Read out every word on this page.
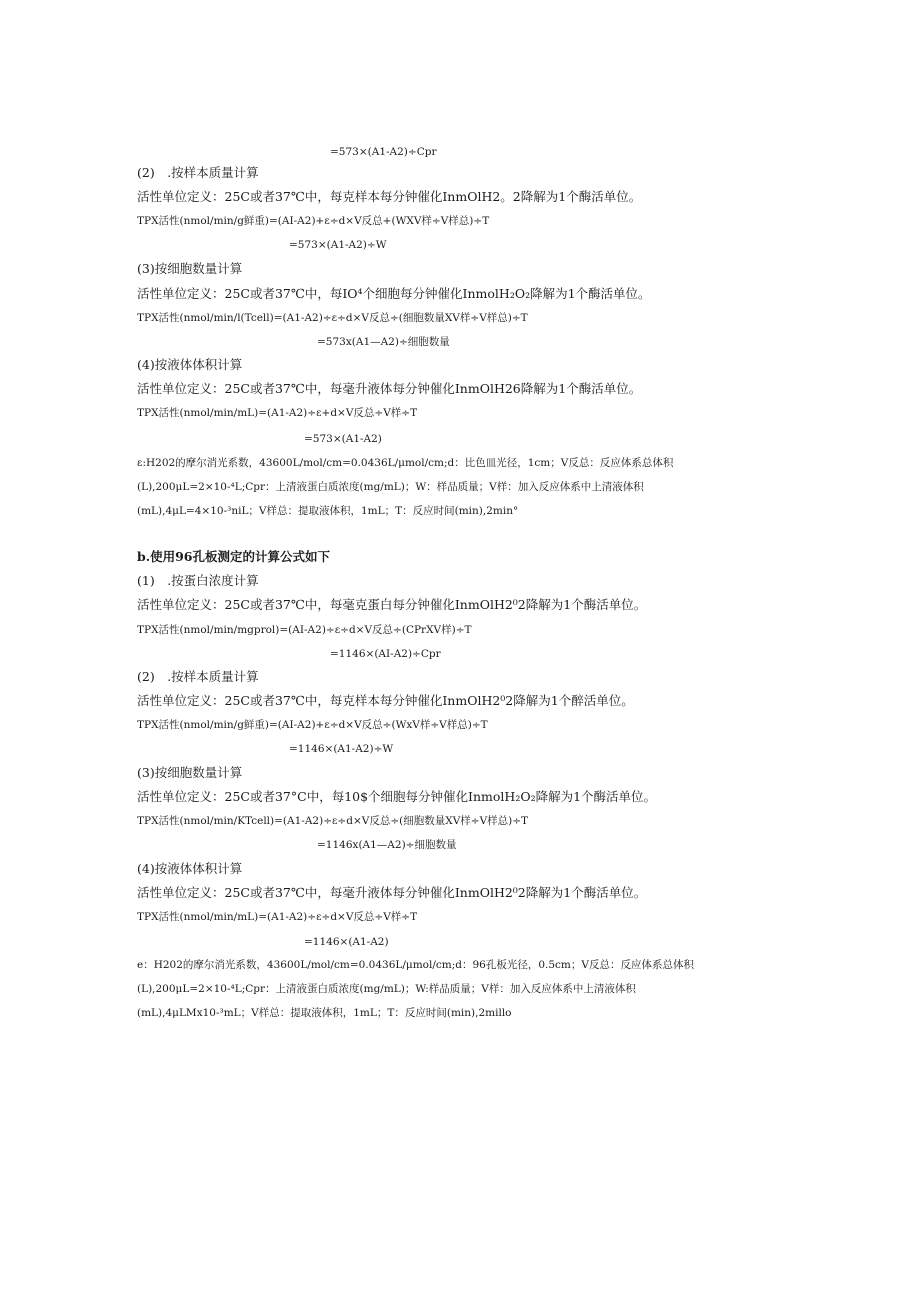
=573×(A1-A2)÷Cpr
(2)　.按样本质量计算
活性单位定义：25C或者37℃中，每克样本每分钟催化InmOlH2。2降解为1个酶活单位。
TPX活性(nmol/min/g鲜重)=(AI-A2)+ε÷d×V反总+(WXV样÷V样总)÷T
=573×(A1-A2)÷W
(3)按细胞数量计算
活性单位定义：25C或者37℃中，每IO⁴个细胞每分钟催化InmolH₂O₂降解为1个酶活单位。
TPX活性(nmol/min/l(Tcell)=(A1-A2)÷ε÷d×V反总÷(细胞数量XV样÷V样总)÷T
=573x(A1—A2)÷细胞数量
(4)按液体体积计算
活性单位定义：25C或者37℃中，每毫升液体每分钟催化InmOlH26降解为1个酶活单位。
TPX活性(nmol/min/mL)=(A1-A2)÷ε+d×V反总÷V样÷T
=573×(A1-A2)
ε:H202的摩尔消光系数，43600L/mol/cm=0.0436L/μmol/cm;d：比色皿光径，1cm；V反总：反应体系总体积
(L),200μL=2×10-⁴L;Cpr：上清液蛋白质浓度(mg/mL)；W：样品质量；V样：加入反应体系中上清液体积
(mL),4μL=4×10-³niL；V样总：提取液体积，1mL；T：反应时间(min),2min°
b.使用96孔板测定的计算公式如下
(1)　.按蛋白浓度计算
活性单位定义：25C或者37℃中，每毫克蛋白每分钟催化InmOlH2⁰2降解为1个酶活单位。
TPX活性(nmol/min/mgprol)=(AI-A2)÷ε÷d×V反总÷(CPrXV样)÷T
=1146×(AI-A2)÷Cpr
(2)　.按样本质量计算
活性单位定义：25C或者37℃中，每克样本每分钟催化InmOlH2⁰2降解为1个醉活单位。
TPX活性(nmol/min/g鲜重)=(AI-A2)+ε÷d×V反总÷(WxV样÷V样总)÷T
=1146×(A1-A2)÷W
(3)按细胞数量计算
活性单位定义：25C或者37°C中，每10$个细胞每分钟催化InmolH₂O₂降解为1个酶活单位。
TPX活性(nmol/min/KTcell)=(A1-A2)÷ε÷d×V反总÷(细胞数量XV样÷V样总)÷T
=1146x(A1—A2)÷细胞数量
(4)按液体体积计算
活性单位定义：25C或者37℃中，每毫升液体每分钟催化InmOlH2⁰2降解为1个酶活单位。
TPX活性(nmol/min/mL)=(A1-A2)÷ε÷d×V反总÷V样÷T
=1146×(A1-A2)
e：H202的摩尔消光系数，43600L/mol/cm=0.0436L/μmol/cm;d：96孔板光径，0.5cm；V反总：反应体系总体积
(L),200μL=2×10-⁴L;Cpr：上清液蛋白质浓度(mg/mL)；W:样品质量；V样：加入反应体系中上清液体积
(mL),4μLMx10-³mL；V样总：提取液体积，1mL；T：反应时间(min),2millo
